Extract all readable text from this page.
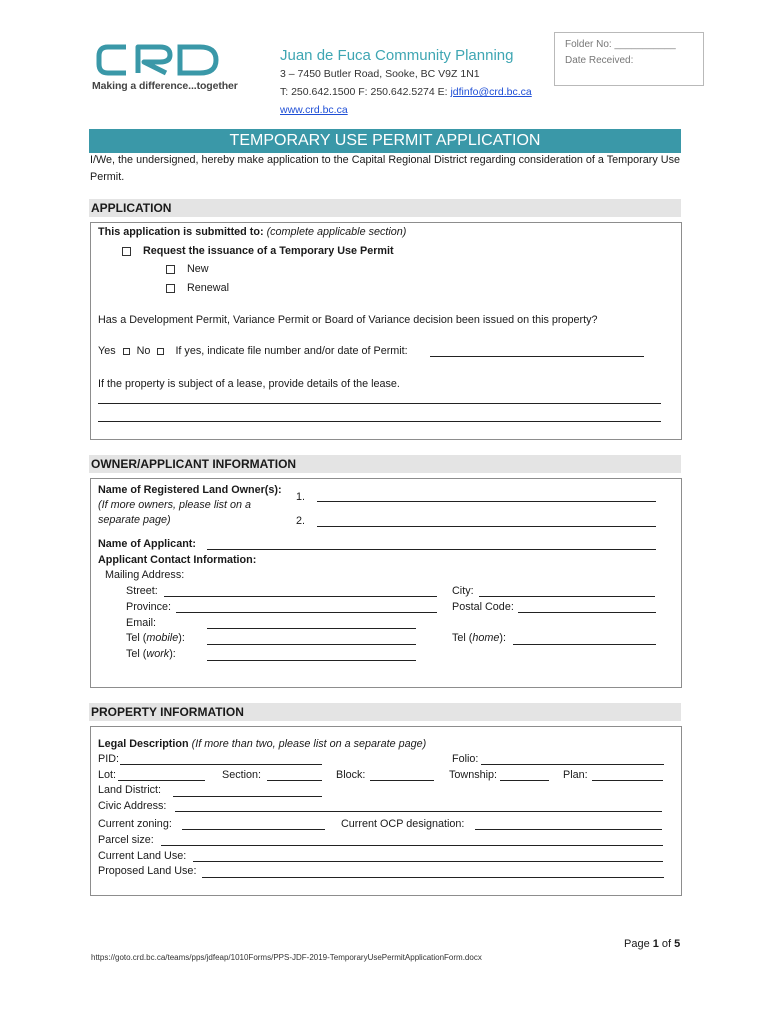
Making a difference...together
Juan de Fuca Community Planning
3 – 7450 Butler Road, Sooke, BC V9Z 1N1
T: 250.642.1500 F: 250.642.5274 E: jdfinfo@crd.bc.ca
www.crd.bc.ca
Folder No: ___________
Date Received:
TEMPORARY USE PERMIT APPLICATION
I/We, the undersigned, hereby make application to the Capital Regional District regarding consideration of a Temporary Use Permit.
APPLICATION
This application is submitted to: (complete applicable section)
Request the issuance of a Temporary Use Permit
New
Renewal
Has a Development Permit, Variance Permit or Board of Variance decision been issued on this property?
Yes No If yes, indicate file number and/or date of Permit:
If the property is subject of a lease, provide details of the lease.
OWNER/APPLICANT INFORMATION
Name of Registered Land Owner(s):
(If more owners, please list on a
separate page)
1.
2.
Name of Applicant:
Applicant Contact Information:
Mailing Address:
Street:	City:
Province:	Postal Code:
Email:
Tel (mobile):	Tel (home):
Tel (work):
PROPERTY INFORMATION
Legal Description (If more than two, please list on a separate page)
PID:	Folio:
Lot:	Section:	Block:	Township:	Plan:
Land District:
Civic Address:
Current zoning:	Current OCP designation:
Parcel size:
Current Land Use:
Proposed Land Use:
Page 1 of 5
https://goto.crd.bc.ca/teams/pps/jdfeap/1010Forms/PPS-JDF-2019-TemporaryUsePermitApplicationForm.docx
